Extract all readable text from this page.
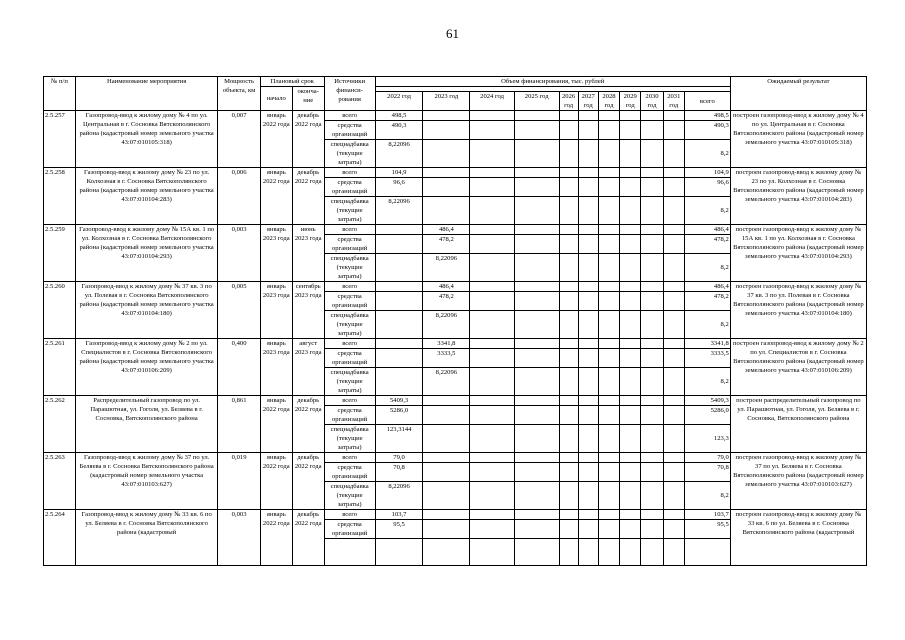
61
№ п/п	Наименование мероприятия	Мощность объекта, км	Плановый срок		Источники финанси-рования	Объем финансирования, тыс. рублей											Ожидаемый результат
			начало	оконча-ние													
						2022 год	2023 год	2024 год	2025 год	2026 год	2027 год	2028 год	2029 год	2030 год	2031 год	всего	
2.5.257	Газопровод-ввод к жилому дому № 4 по ул. Центральная в г. Сосновка Вятскополянского района (кадастровый номер земельного участка 43:07:010105:318)	0,007	январь 2022 года	декабрь 2022 года	всего	498,5										498,5	построен газопровод-ввод к жилому дому № 4 по ул. Центральная в г. Сосновка Вятскополянского района (кадастровый номер земельного участка 43:07:010105:318)
					средства организаций	490,3										490,3	
					спецнадбавка (текущие затраты)	8,22096										8,2	
2.5.258	Газопровод-ввод к жилому дому № 23 по ул. Колхозная в г. Сосновка Вятскополянского района (кадастровый номер земельного участка 43:07:010104:283)	0,006	январь 2022 года	декабрь 2022 года	всего	104,9										104,9	построен газопровод-ввод к жилому дому № 23 по ул. Колхозная в г. Сосновка Вятскополянского района (кадастровый номер земельного участка 43:07:010104:283)
					средства организаций	96,6										96,6	
					спецнадбавка (текущие затраты)	8,22096										8,2	
2.5.259	Газопровод-ввод к жилому дому № 15А кв. 1 по ул. Колхозная в г. Сосновка Вятскополянского района (кадастровый номер земельного участка 43:07:010104:293)	0,003	январь 2023 года	июнь 2023 года	всего		486,4									486,4	построен газопровод-ввод к жилому дому № 15А кв. 1 по ул. Колхозная в г. Сосновка Вятскополянского района (кадастровый номер земельного участка 43:07:010104:293)
					средства организаций		478,2									478,2	
					спецнадбавка (текущие затраты)		8,22096									8,2	
2.5.260	Газопровод-ввод к жилому дому № 37 кв. 3 по ул. Полевая в г. Сосновка Вятскополянского района (кадастровый номер земельного участка 43:07:010104:180)	0,005	январь 2023 года	сентябрь 2023 года	всего		486,4									486,4	построен газопровод-ввод к жилому дому № 37 кв. 3 по ул. Полевая в г. Сосновка Вятскополянского района (кадастровый номер земельного участка 43:07:010104:180)
					средства организаций		478,2									478,2	
					спецнадбавка (текущие затраты)		8,22096									8,2	
2.5.261	Газопровод-ввод к жилому дому № 2 по ул. Специалистов в г. Сосновка Вятскополянского района (кадастровый номер земельного участка 43:07:010106:209)	0,400	январь 2023 года	август 2023 года	всего		3341,8									3341,8	построен газопровод-ввод к жилому дому № 2 по ул. Специалистов в г. Сосновка Вятскополянского района (кадастровый номер земельного участка 43:07:010106:209)
					средства организаций		3333,5									3333,5	
					спецнадбавка (текущие затраты)		8,22096									8,2	
2.5.262	Распределительный газопровод по ул. Парашютная, ул. Гоголя, ул. Беляева в г. Сосновка, Вятскополянского района	0,861	январь 2022 года	декабрь 2022 года	всего	5409,3										5409,3	построен распределительный газопровод по ул. Парашютная, ул. Гоголя, ул. Беляева в г. Сосновка, Вятскополянского района
					средства организаций	5286,0										5286,0	
					спецнадбавка (текущие затраты)	123,3144										123,3	
2.5.263	Газопровод-ввод к жилому дому № 37 по ул. Беляева в г. Сосновка Вятскополянского района (кадастровый номер земельного участка 43:07:010103:627)	0,019	январь 2022 года	декабрь 2022 года	всего	79,0										79,0	построен газопровод-ввод к жилому дому № 37 по ул. Беляева в г. Сосновка Вятскополянского района (кадастровый номер земельного участка 43:07:010103:627)
					средства организаций	70,8										70,8	
					спецнадбавка (текущие затраты)	8,22096										8,2	
2.5.264	Газопровод-ввод к жилому дому № 33 кв. 6 по ул. Беляева в г. Сосновка Вятскополянского района (кадастровый	0,003	январь 2022 года	декабрь 2022 года	всего	103,7										103,7	построен газопровод-ввод к жилому дому № 33 кв. 6 по ул. Беляева в г. Сосновка Вятскополянского района (кадастровый
					средства организаций	95,5										95,5	
